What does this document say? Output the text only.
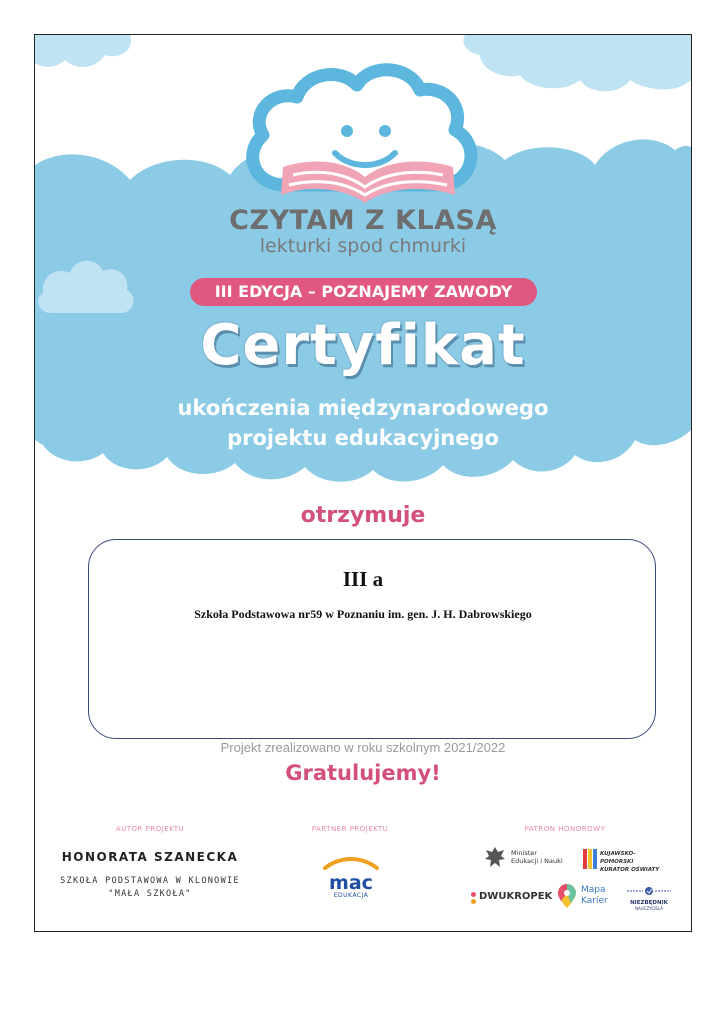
CZYTAM Z KLASĄ
lekturki spod chmurki
III EDYCJA – POZNAJEMY ZAWODY
Certyfikat
ukończenia międzynarodowego
projektu edukacyjnego
otrzymuje
III a
Szkoła Podstawowa nr59 w Poznaniu im. gen. J. H. Dabrowskiego
Projekt zrealizowano w roku szkolnym 2021/2022
Gratulujemy!
AUTOR PROJEKTU	PARTNER PROJEKTU	PATRON HONOROWY
HONORATA SZANECKA
SZKOŁA PODSTAWOWA W KLONOWIE
"MAŁA SZKOŁA"	mac
EDUKACJA
Minister
Edukacji i Nauki
KUJAWSKO-POMORSKI
KURATOR OŚWIATY
DWUKROPEK
Mapa
Karier	NIEZBĘDNIK
NAUCZYCIELA
